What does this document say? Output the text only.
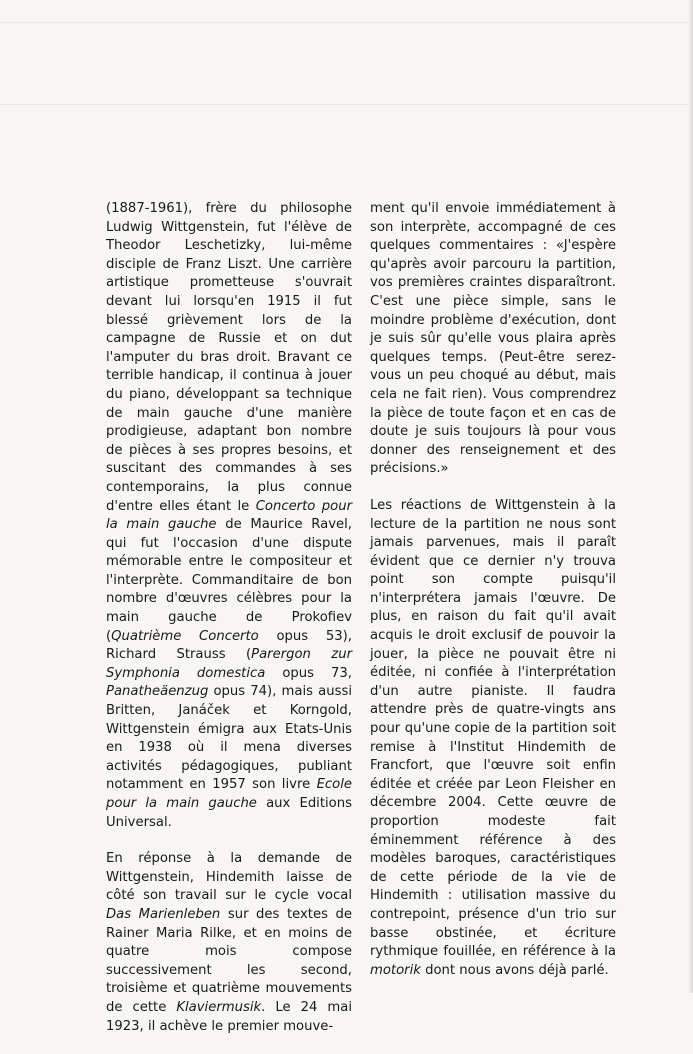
(1887-1961), frère du philosophe Ludwig Wittgenstein, fut l'élève de Theodor Leschetizky, lui-même disciple de Franz Liszt. Une carrière artistique prometteuse s'ouvrait devant lui lorsqu'en 1915 il fut blessé grièvement lors de la campagne de Russie et on dut l'amputer du bras droit. Bravant ce terrible handicap, il continua à jouer du piano, développant sa technique de main gauche d'une manière prodigieuse, adaptant bon nombre de pièces à ses propres besoins, et suscitant des commandes à ses contemporains, la plus connue d'entre elles étant le Concerto pour la main gauche de Maurice Ravel, qui fut l'occasion d'une dispute mémorable entre le compositeur et l'interprète. Commanditaire de bon nombre d'œuvres célèbres pour la main gauche de Prokofiev (Quatrième Concerto opus 53), Richard Strauss (Parergon zur Symphonia domestica opus 73, Panatheäenzug opus 74), mais aussi Britten, Janáček et Korngold, Wittgenstein émigra aux Etats-Unis en 1938 où il mena diverses activités pédagogiques, publiant notamment en 1957 son livre Ecole pour la main gauche aux Editions Universal.

En réponse à la demande de Wittgenstein, Hindemith laisse de côté son travail sur le cycle vocal Das Marienleben sur des textes de Rainer Maria Rilke, et en moins de quatre mois compose successivement les second, troisième et quatrième mouvements de cette Klaviermusik. Le 24 mai 1923, il achève le premier mouve-

ment qu'il envoie immédiatement à son interprète, accompagné de ces quelques commentaires : «J'espère qu'après avoir parcouru la partition, vos premières craintes disparaîtront. C'est une pièce simple, sans le moindre problème d'exécution, dont je suis sûr qu'elle vous plaira après quelques temps. (Peut-être serez-vous un peu choqué au début, mais cela ne fait rien). Vous comprendrez la pièce de toute façon et en cas de doute je suis toujours là pour vous donner des renseignement et des précisions.»

Les réactions de Wittgenstein à la lecture de la partition ne nous sont jamais parvenues, mais il paraît évident que ce dernier n'y trouva point son compte puisqu'il n'interprétera jamais l'œuvre. De plus, en raison du fait qu'il avait acquis le droit exclusif de pouvoir la jouer, la pièce ne pouvait être ni éditée, ni confiée à l'interprétation d'un autre pianiste. Il faudra attendre près de quatre-vingts ans pour qu'une copie de la partition soit remise à l'Institut Hindemith de Francfort, que l'œuvre soit enfin éditée et créée par Leon Fleisher en décembre 2004. Cette œuvre de proportion modeste fait éminemment référence à des modèles baroques, caractéristiques de cette période de la vie de Hindemith : utilisation massive du contrepoint, présence d'un trio sur basse obstinée, et écriture rythmique fouillée, en référence à la motorik dont nous avons déjà parlé.
